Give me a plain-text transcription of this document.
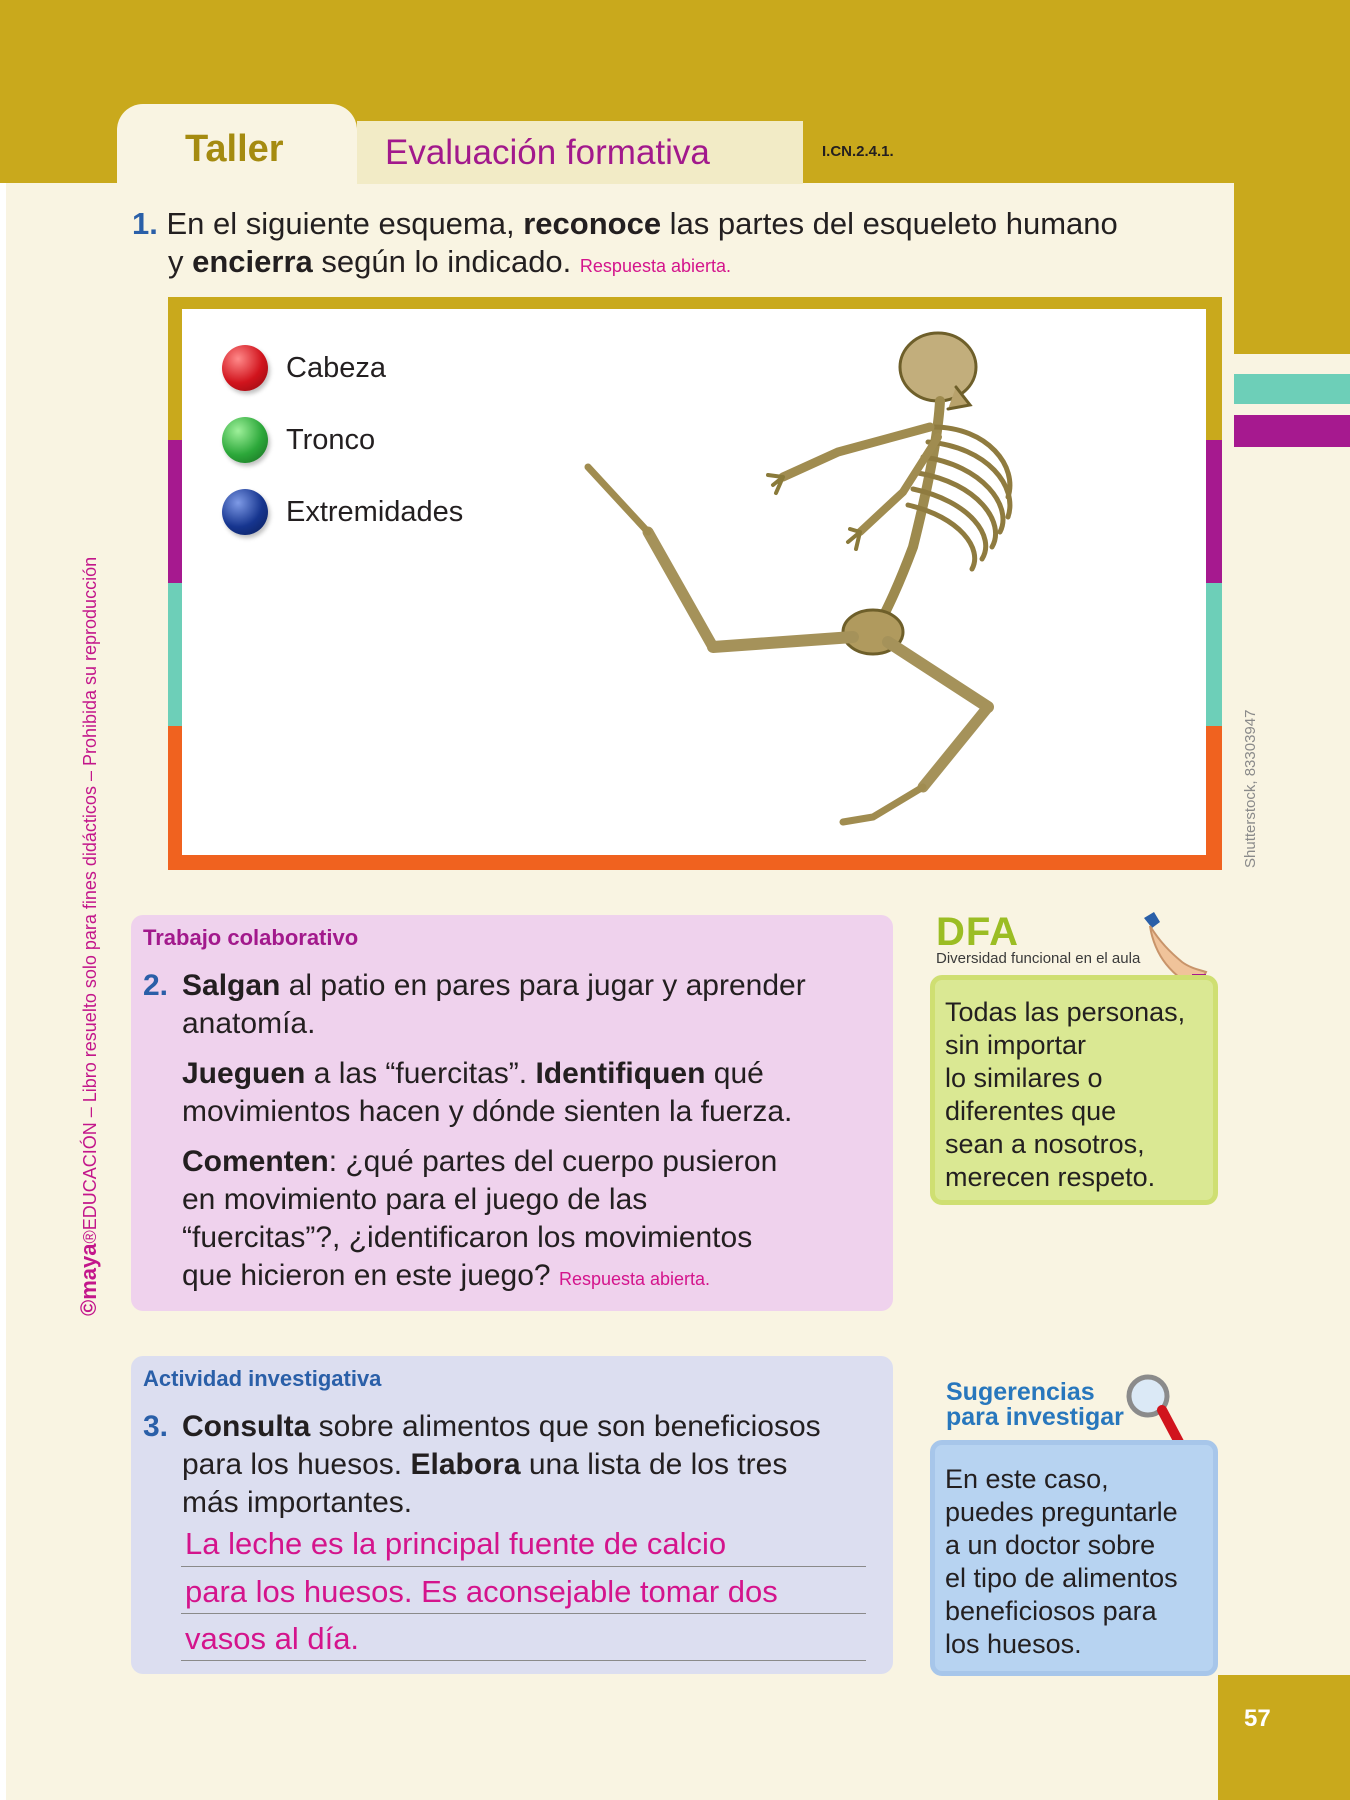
Taller	Evaluación formativa	I.CN.2.4.1.
1. En el siguiente esquema, reconoce las partes del esqueleto humano
y encierra según lo indicado. Respuesta abierta.
Cabeza
Tronco
Extremidades
Shutterstock, 83303947
©maya®EDUCACIÓN – Libro resuelto solo para fines didácticos – Prohibida su reproducción Trabajo colaborativo
2. Salgan al patio en pares para jugar y aprender
anatomía.
Jueguen a las “fuercitas”. Identifiquen qué
movimientos hacen y dónde sienten la fuerza.
Comenten: ¿qué partes del cuerpo pusieron
en movimiento para el juego de las
“fuercitas”?, ¿identificaron los movimientos
que hicieron en este juego? Respuesta abierta.
DFA
Diversidad funcional en el aula
Todas las personas,
sin importar
lo similares o
diferentes que
sean a nosotros,
merecen respeto.
Actividad investigativa
3. Consulta sobre alimentos que son beneficiosos
para los huesos. Elabora una lista de los tres
más importantes.
La leche es la principal fuente de calcio
para los huesos. Es aconsejable tomar dos
vasos al día.
Sugerencias
para investigar
En este caso,
puedes preguntarle
a un doctor sobre
el tipo de alimentos
beneficiosos para
los huesos.
57
